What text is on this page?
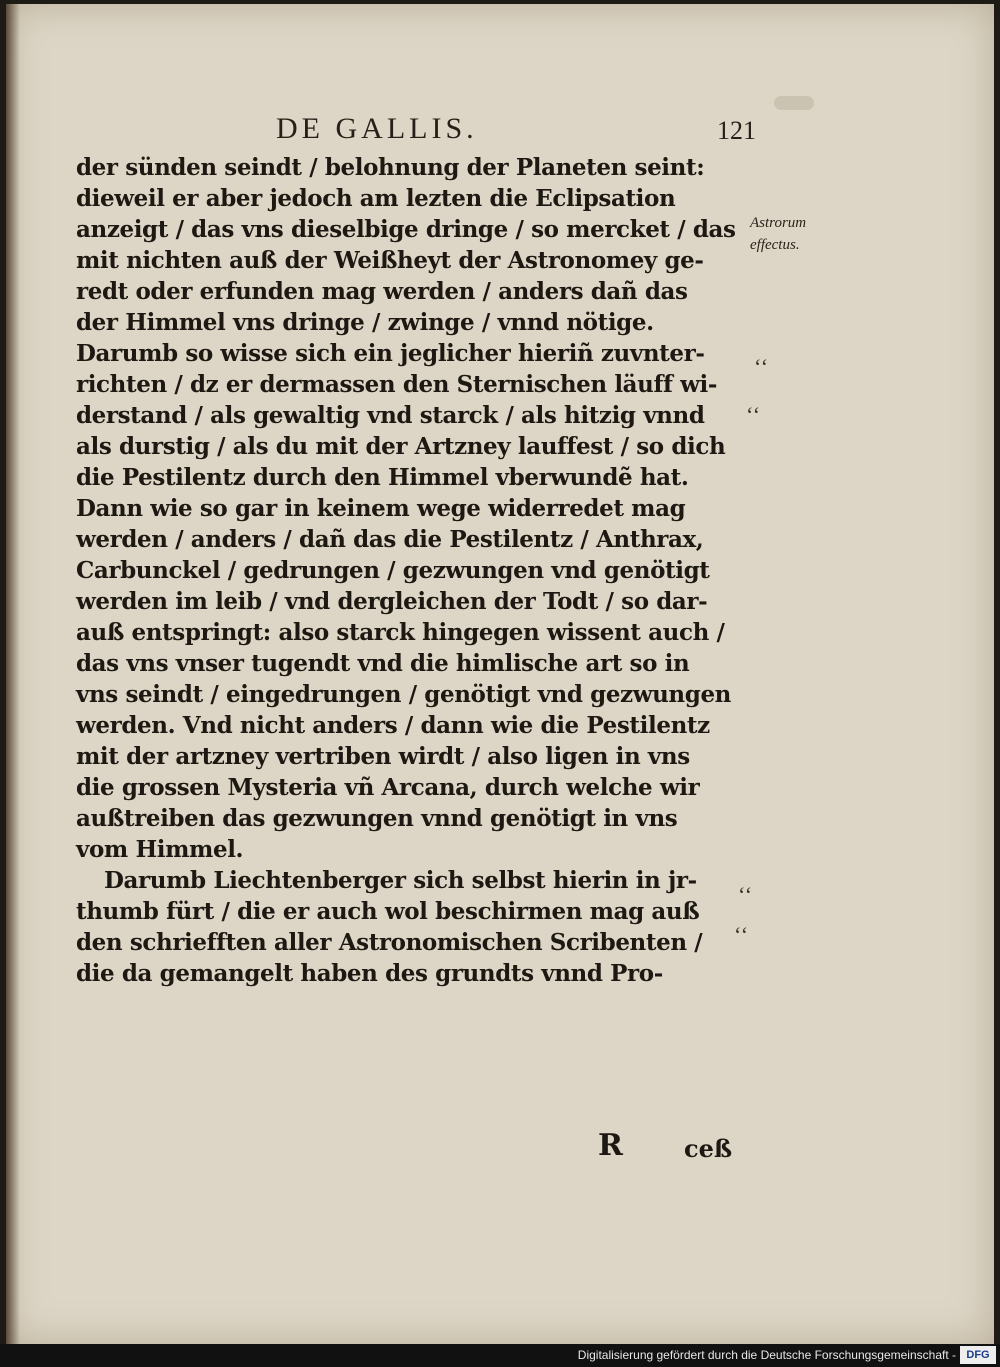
DE GALLIS.	121
der sünden seindt / belohnung der Planeten seint:
dieweil er aber jedoch am lezten die Eclipsation
anzeigt / das vns dieselbige dringe / so mercket / das
mit nichten auß der Weißheyt der Astronomey ge-
redt oder erfunden mag werden / anders dañ das
der Himmel vns dringe / zwinge / vnnd nötige.
Darumb so wisse sich ein jeglicher hieriñ zuvnter-
richten / dz er dermassen den Sternischen läuff wi-
derstand / als gewaltig vnd starck / als hitzig vnnd
als durstig / als du mit der Artzney lauffest / so dich
die Pestilentz durch den Himmel vberwundẽ hat.
Dann wie so gar in keinem wege widerredet mag
werden / anders / dañ das die Pestilentz / Anthrax,
Carbunckel / gedrungen / gezwungen vnd genötigt
werden im leib / vnd dergleichen der Todt / so dar-
auß entspringt: also starck hingegen wissent auch /
das vns vnser tugendt vnd die himlische art so in
vns seindt / eingedrungen / genötigt vnd gezwungen
werden. Vnd nicht anders / dann wie die Pestilentz
mit der artzney vertriben wirdt / also ligen in vns
die grossen Mysteria vñ Arcana, durch welche wir
außtreiben das gezwungen vnnd genötigt in vns
vom Himmel.
Darumb Liechtenberger sich selbst hierin in jr-
thumb fürt / die er auch wol beschirmen mag auß
den schriefften aller Astronomischen Scribenten /
die da gemangelt haben des grundts vnnd Pro-
Astrorum
effectus.
‘‘
‘‘
‘‘
‘‘
R	ceß
Digitalisierung gefördert durch die Deutsche Forschungsgemeinschaft - DFG
